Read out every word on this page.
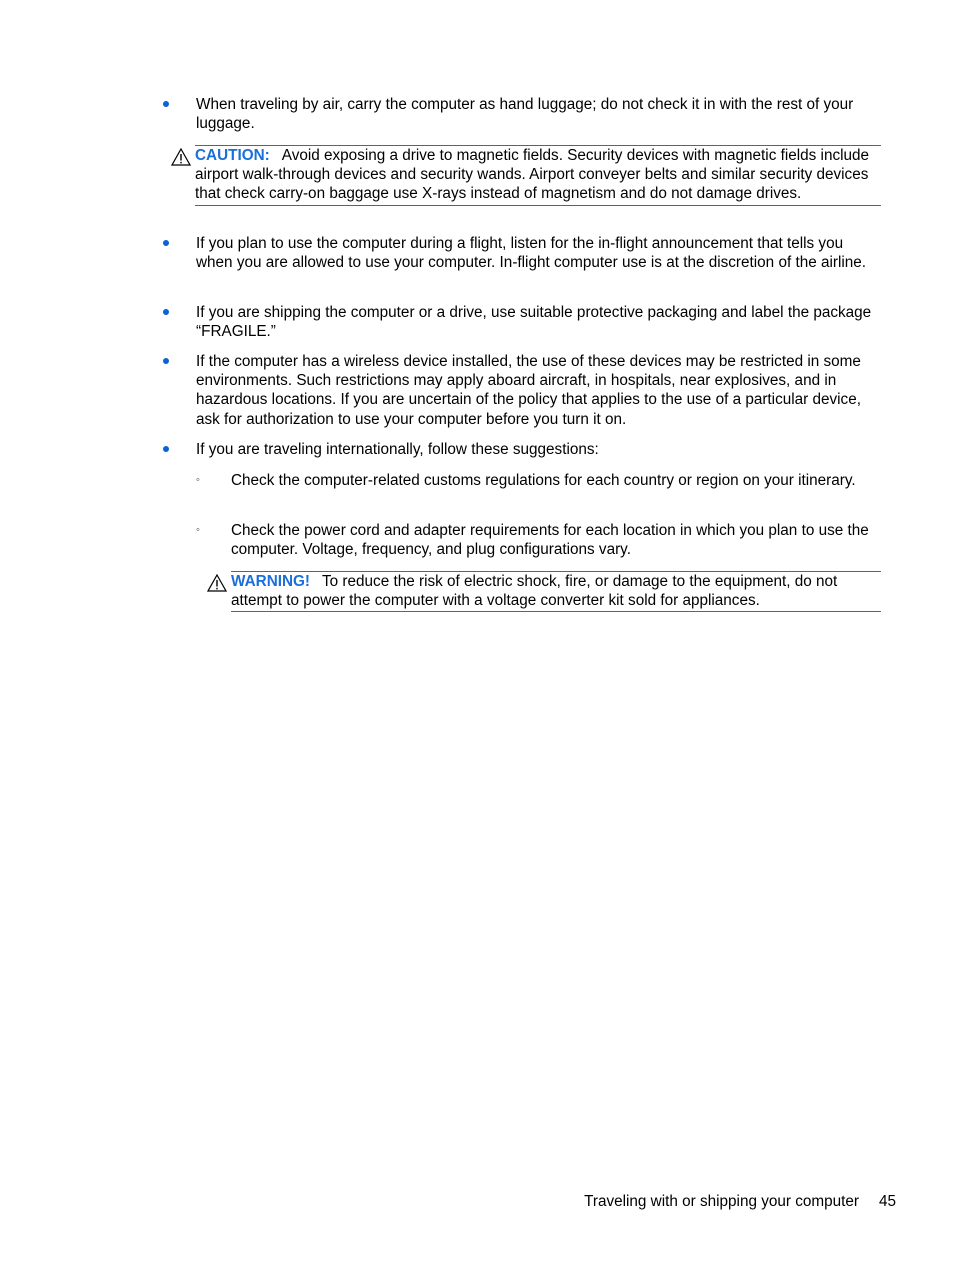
When traveling by air, carry the computer as hand luggage; do not check it in with the rest of your luggage.
CAUTION: Avoid exposing a drive to magnetic fields. Security devices with magnetic fields include airport walk-through devices and security wands. Airport conveyer belts and similar security devices that check carry-on baggage use X-rays instead of magnetism and do not damage drives.
If you plan to use the computer during a flight, listen for the in-flight announcement that tells you when you are allowed to use your computer. In-flight computer use is at the discretion of the airline.
If you are shipping the computer or a drive, use suitable protective packaging and label the package “FRAGILE.”
If the computer has a wireless device installed, the use of these devices may be restricted in some environments. Such restrictions may apply aboard aircraft, in hospitals, near explosives, and in hazardous locations. If you are uncertain of the policy that applies to the use of a particular device, ask for authorization to use your computer before you turn it on.
If you are traveling internationally, follow these suggestions:
◦ Check the computer-related customs regulations for each country or region on your itinerary.
◦ Check the power cord and adapter requirements for each location in which you plan to use the computer. Voltage, frequency, and plug configurations vary.
WARNING! To reduce the risk of electric shock, fire, or damage to the equipment, do not attempt to power the computer with a voltage converter kit sold for appliances.
Traveling with or shipping your computer 45
